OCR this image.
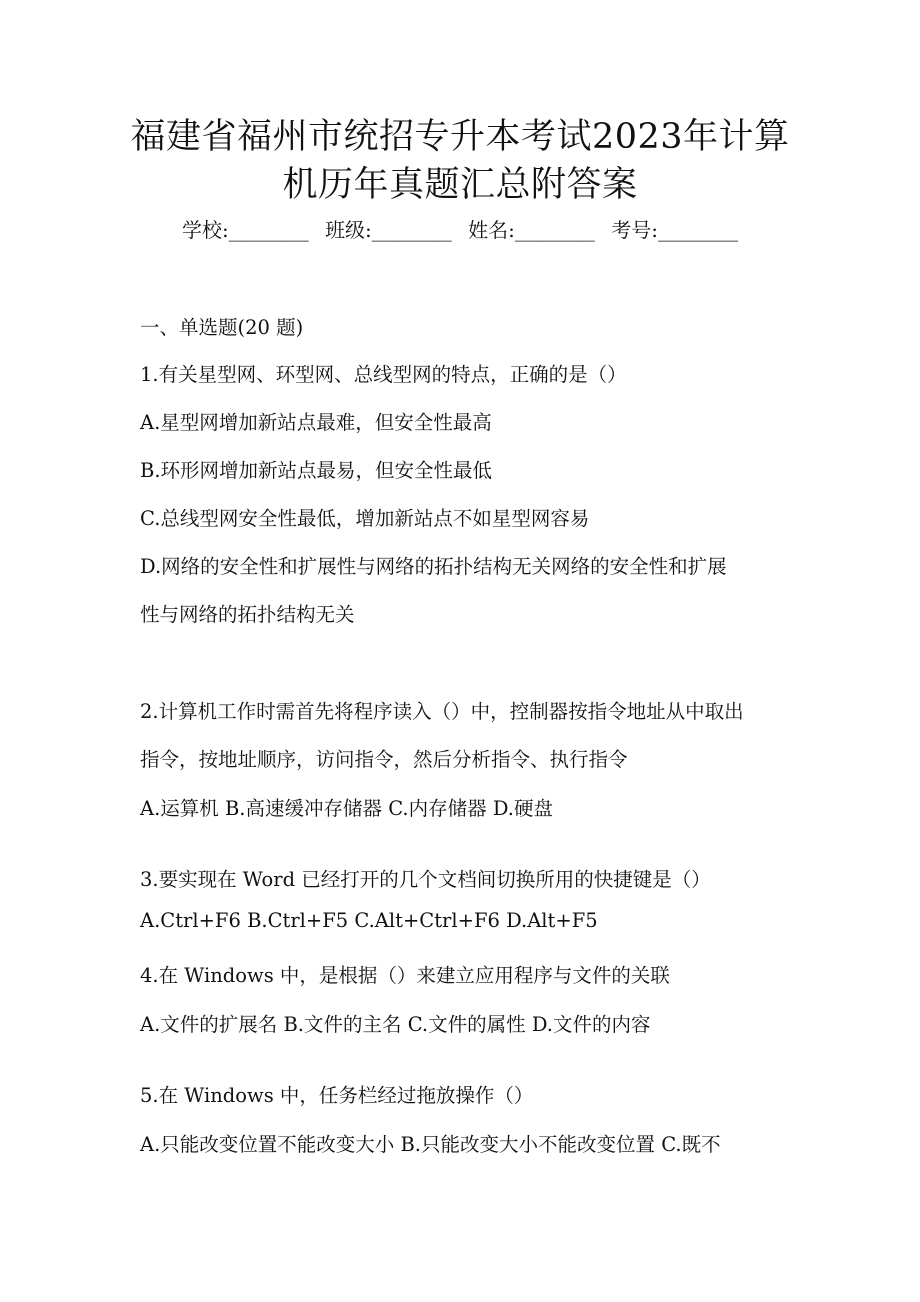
福建省福州市统招专升本考试2023年计算
机历年真题汇总附答案
学校:________ 班级:________ 姓名:________ 考号:________
一、单选题(20 题)
1.有关星型网、环型网、总线型网的特点，正确的是（）
A.星型网增加新站点最难，但安全性最高
B.环形网增加新站点最易，但安全性最低
C.总线型网安全性最低，增加新站点不如星型网容易
D.网络的安全性和扩展性与网络的拓扑结构无关网络的安全性和扩展
性与网络的拓扑结构无关
2.计算机工作时需首先将程序读入（）中，控制器按指令地址从中取出
指令，按地址顺序，访问指令，然后分析指令、执行指令
A.运算机 B.高速缓冲存储器 C.内存储器 D.硬盘
3.要实现在 Word 已经打开的几个文档间切换所用的快捷键是（）
A.Ctrl+F6 B.Ctrl+F5 C.Alt+Ctrl+F6 D.Alt+F5
4.在 Windows 中，是根据（）来建立应用程序与文件的关联
A.文件的扩展名 B.文件的主名 C.文件的属性 D.文件的内容
5.在 Windows 中，任务栏经过拖放操作（）
A.只能改变位置不能改变大小 B.只能改变大小不能改变位置 C.既不
